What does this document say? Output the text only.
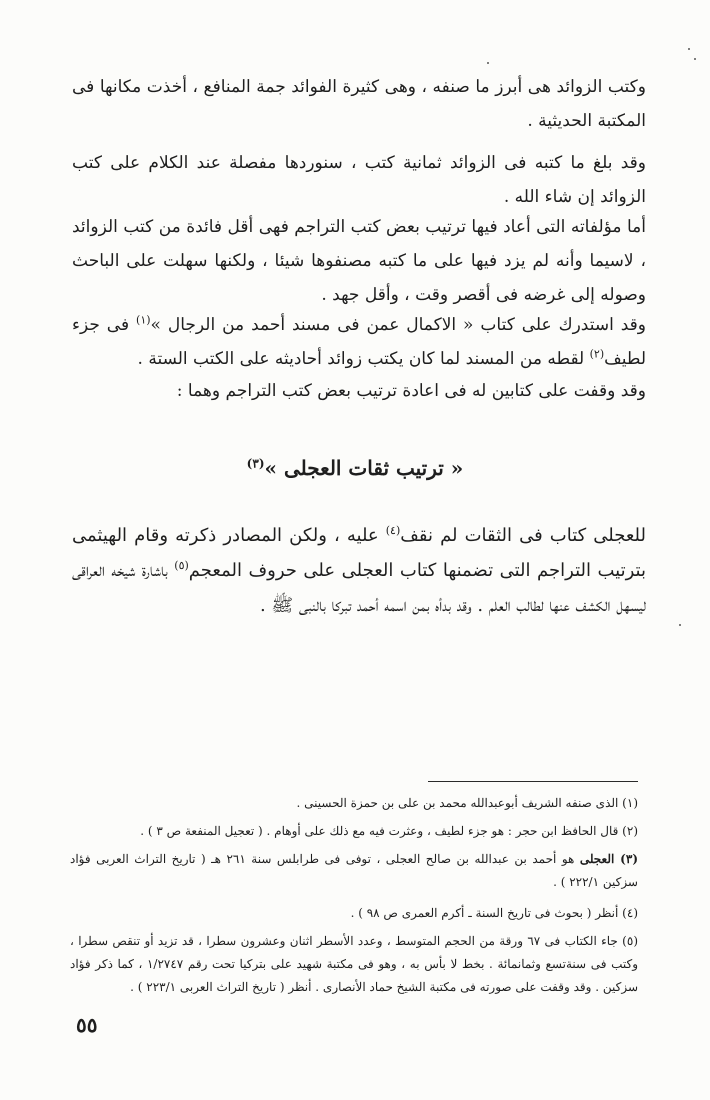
وكتب الزوائد هى أبرز ما صنفه ، وهى كثيرة الفوائد جمة المنافع ، أخذت مكانها فى المكتبة الحديثية .

وقد بلغ ما كتبه فى الزوائد ثمانية كتب ، سنوردها مفصلة عند الكلام على كتب الزوائد إن شاء الله .

أما مؤلفاته التى أعاد فيها ترتيب بعض كتب التراجم فهى أقل فائدة من كتب الزوائد ، لاسيما وأنه لم يزد فيها على ما كتبه مصنفوها شيئا ، ولكنها سهلت على الباحث وصوله إلى غرضه فى أقصر وقت ، وأقل جهد .

وقد استدرك على كتاب « الاكمال عمن فى مسند أحمد من الرجال »$^{(١)}$ فى جزء لطيف$^{(٢)}$ لقطه من المسند لما كان يكتب زوائد أحاديثه على الكتب الستة .

وقد وقفت على كتابين له فى اعادة ترتيب بعض كتب التراجم وهما :

« ترتيب ثقات العجلى »$^{(٣)}$

للعجلى كتاب فى الثقات لم نقف$^{(٤)}$ عليه ، ولكن المصادر ذكرته وقام الهيثمى بترتيب التراجم التى تضمنها كتاب العجلى على حروف المعجم$^{(٥)}$ باشارة شيخه العراقى ليسهل الكشف عنها لطالب العلم . وقد بدأه بمن اسمه أحمد تبركا بالنبى ﷺ .

(١) الذى صنفه الشريف أبوعبدالله محمد بن على بن حمزة الحسينى .

(٢) قال الحافظ ابن حجر : هو جزء لطيف ، وعثرت فيه مع ذلك على أوهام . ( تعجيل المنفعة ص ٣ ) .

(٣) العجلى هو أحمد بن عبدالله بن صالح العجلى ، توفى فى طرابلس سنة ٢٦١ هـ ( تاريخ التراث العربى فؤاد سزكين ٢٢٢/١ ) .

(٤) أنظر ( بحوث فى تاريخ السنة ـ أكرم العمرى ص ٩٨ ) .

(٥) جاء الكتاب فى ٦٧ ورقة من الحجم المتوسط ، وعدد الأسطر اثنان وعشرون سطرا ، قد تزيد أو تنقص سطرا ، وكتب فى سنةتسع وثمانمائة . بخط لا بأس به ، وهو فى مكتبة شهيد على بتركيا تحت رقم ١/٢٧٤٧ ، كما ذكر فؤاد سزكين . وقد وقفت على صورته فى مكتبة الشيخ حماد الأنصارى . أنظر ( تاريخ التراث العربى ٢٢٣/١ ) .

٥٥
